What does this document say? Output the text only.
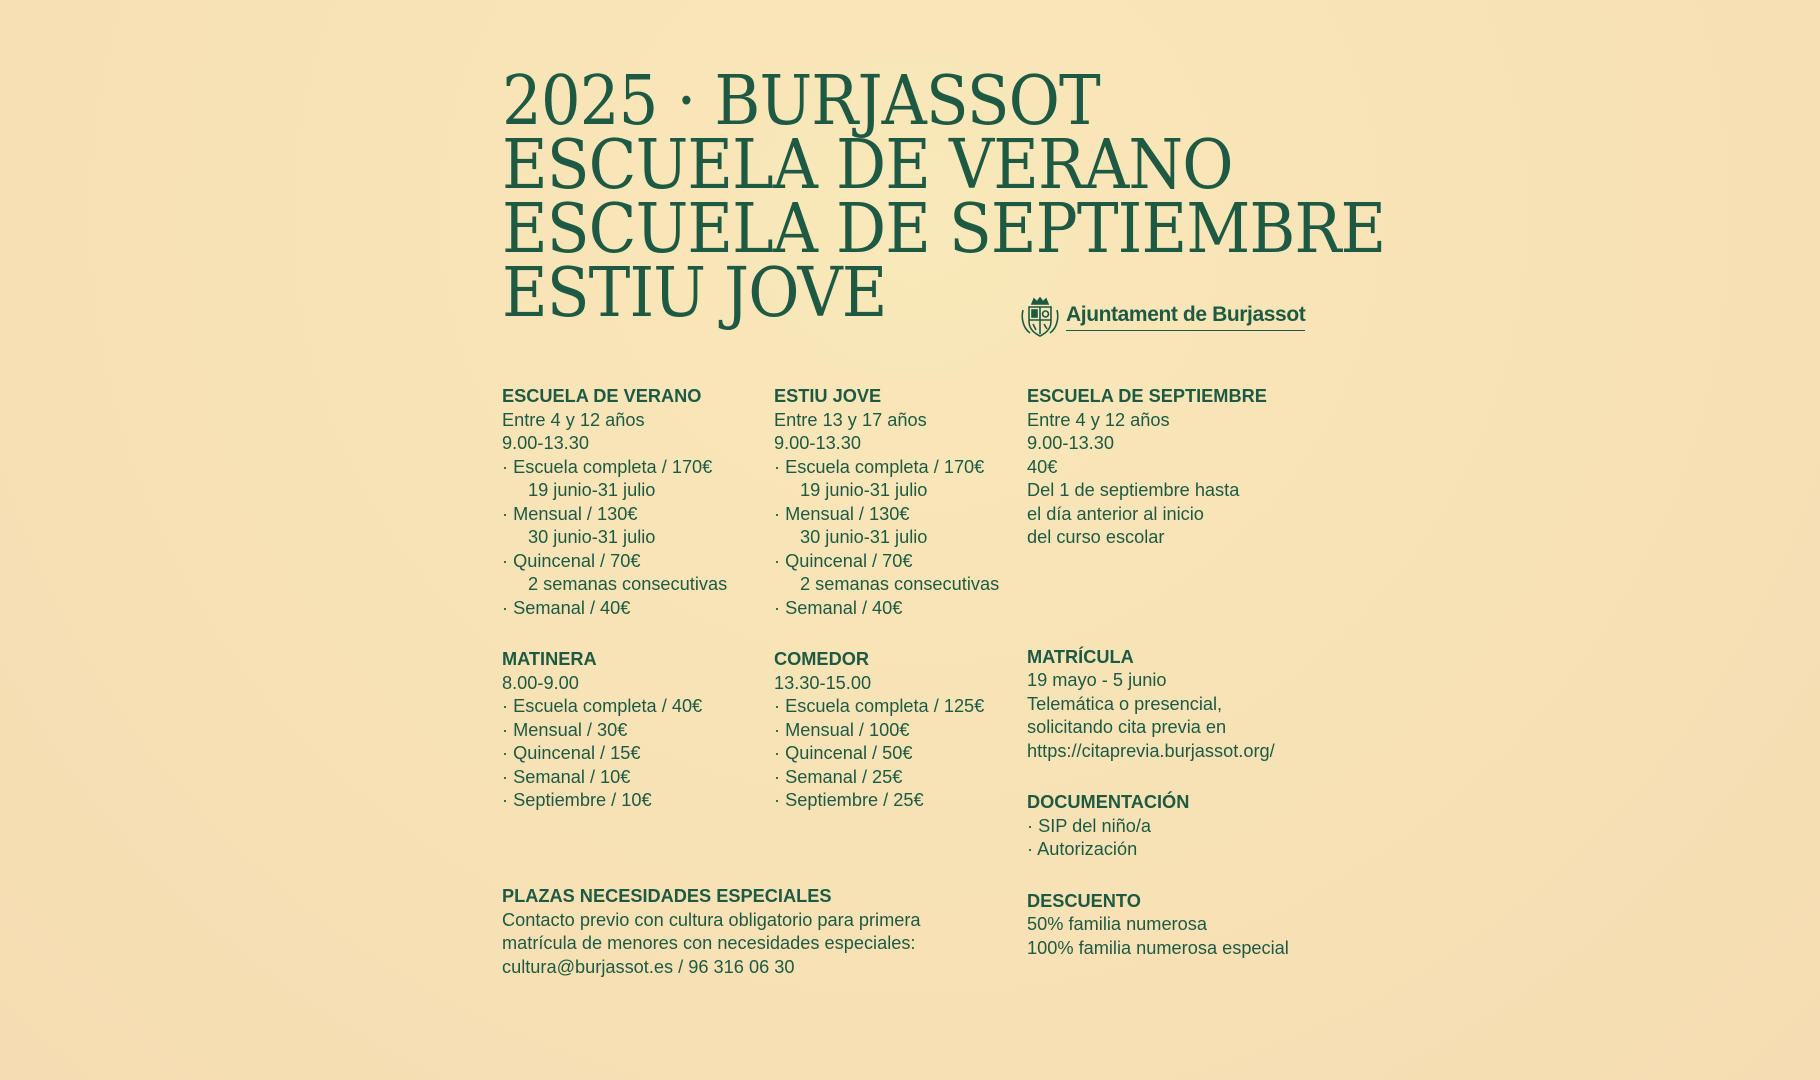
2025 · BURJASSOT
ESCUELA DE VERANO
ESCUELA DE SEPTIEMBRE
ESTIU JOVE	Ajuntament de Burjassot
ESCUELA DE VERANO
Entre 4 y 12 años
9.00-13.30
· Escuela completa / 170€
19 junio-31 julio
· Mensual / 130€
30 junio-31 julio
· Quincenal / 70€
2 semanas consecutivas
· Semanal / 40€
MATINERA
8.00-9.00
· Escuela completa / 40€
· Mensual / 30€
· Quincenal / 15€
· Semanal / 10€
· Septiembre / 10€
ESTIU JOVE
Entre 13 y 17 años
9.00-13.30
· Escuela completa / 170€
19 junio-31 julio
· Mensual / 130€
30 junio-31 julio
· Quincenal / 70€
2 semanas consecutivas
· Semanal / 40€
COMEDOR
13.30-15.00
· Escuela completa / 125€
· Mensual / 100€
· Quincenal / 50€
· Semanal / 25€
· Septiembre / 25€
ESCUELA DE SEPTIEMBRE
Entre 4 y 12 años
9.00-13.30
40€
Del 1 de septiembre hasta
el día anterior al inicio
del curso escolar
MATRÍCULA
19 mayo - 5 junio
Telemática o presencial,
solicitando cita previa en
https://citaprevia.burjassot.org/
DOCUMENTACIÓN
· SIP del niño/a
· Autorización
DESCUENTO
50% familia numerosa
100% familia numerosa especial
PLAZAS NECESIDADES ESPECIALES
Contacto previo con cultura obligatorio para primera
matrícula de menores con necesidades especiales:
cultura@burjassot.es / 96 316 06 30
